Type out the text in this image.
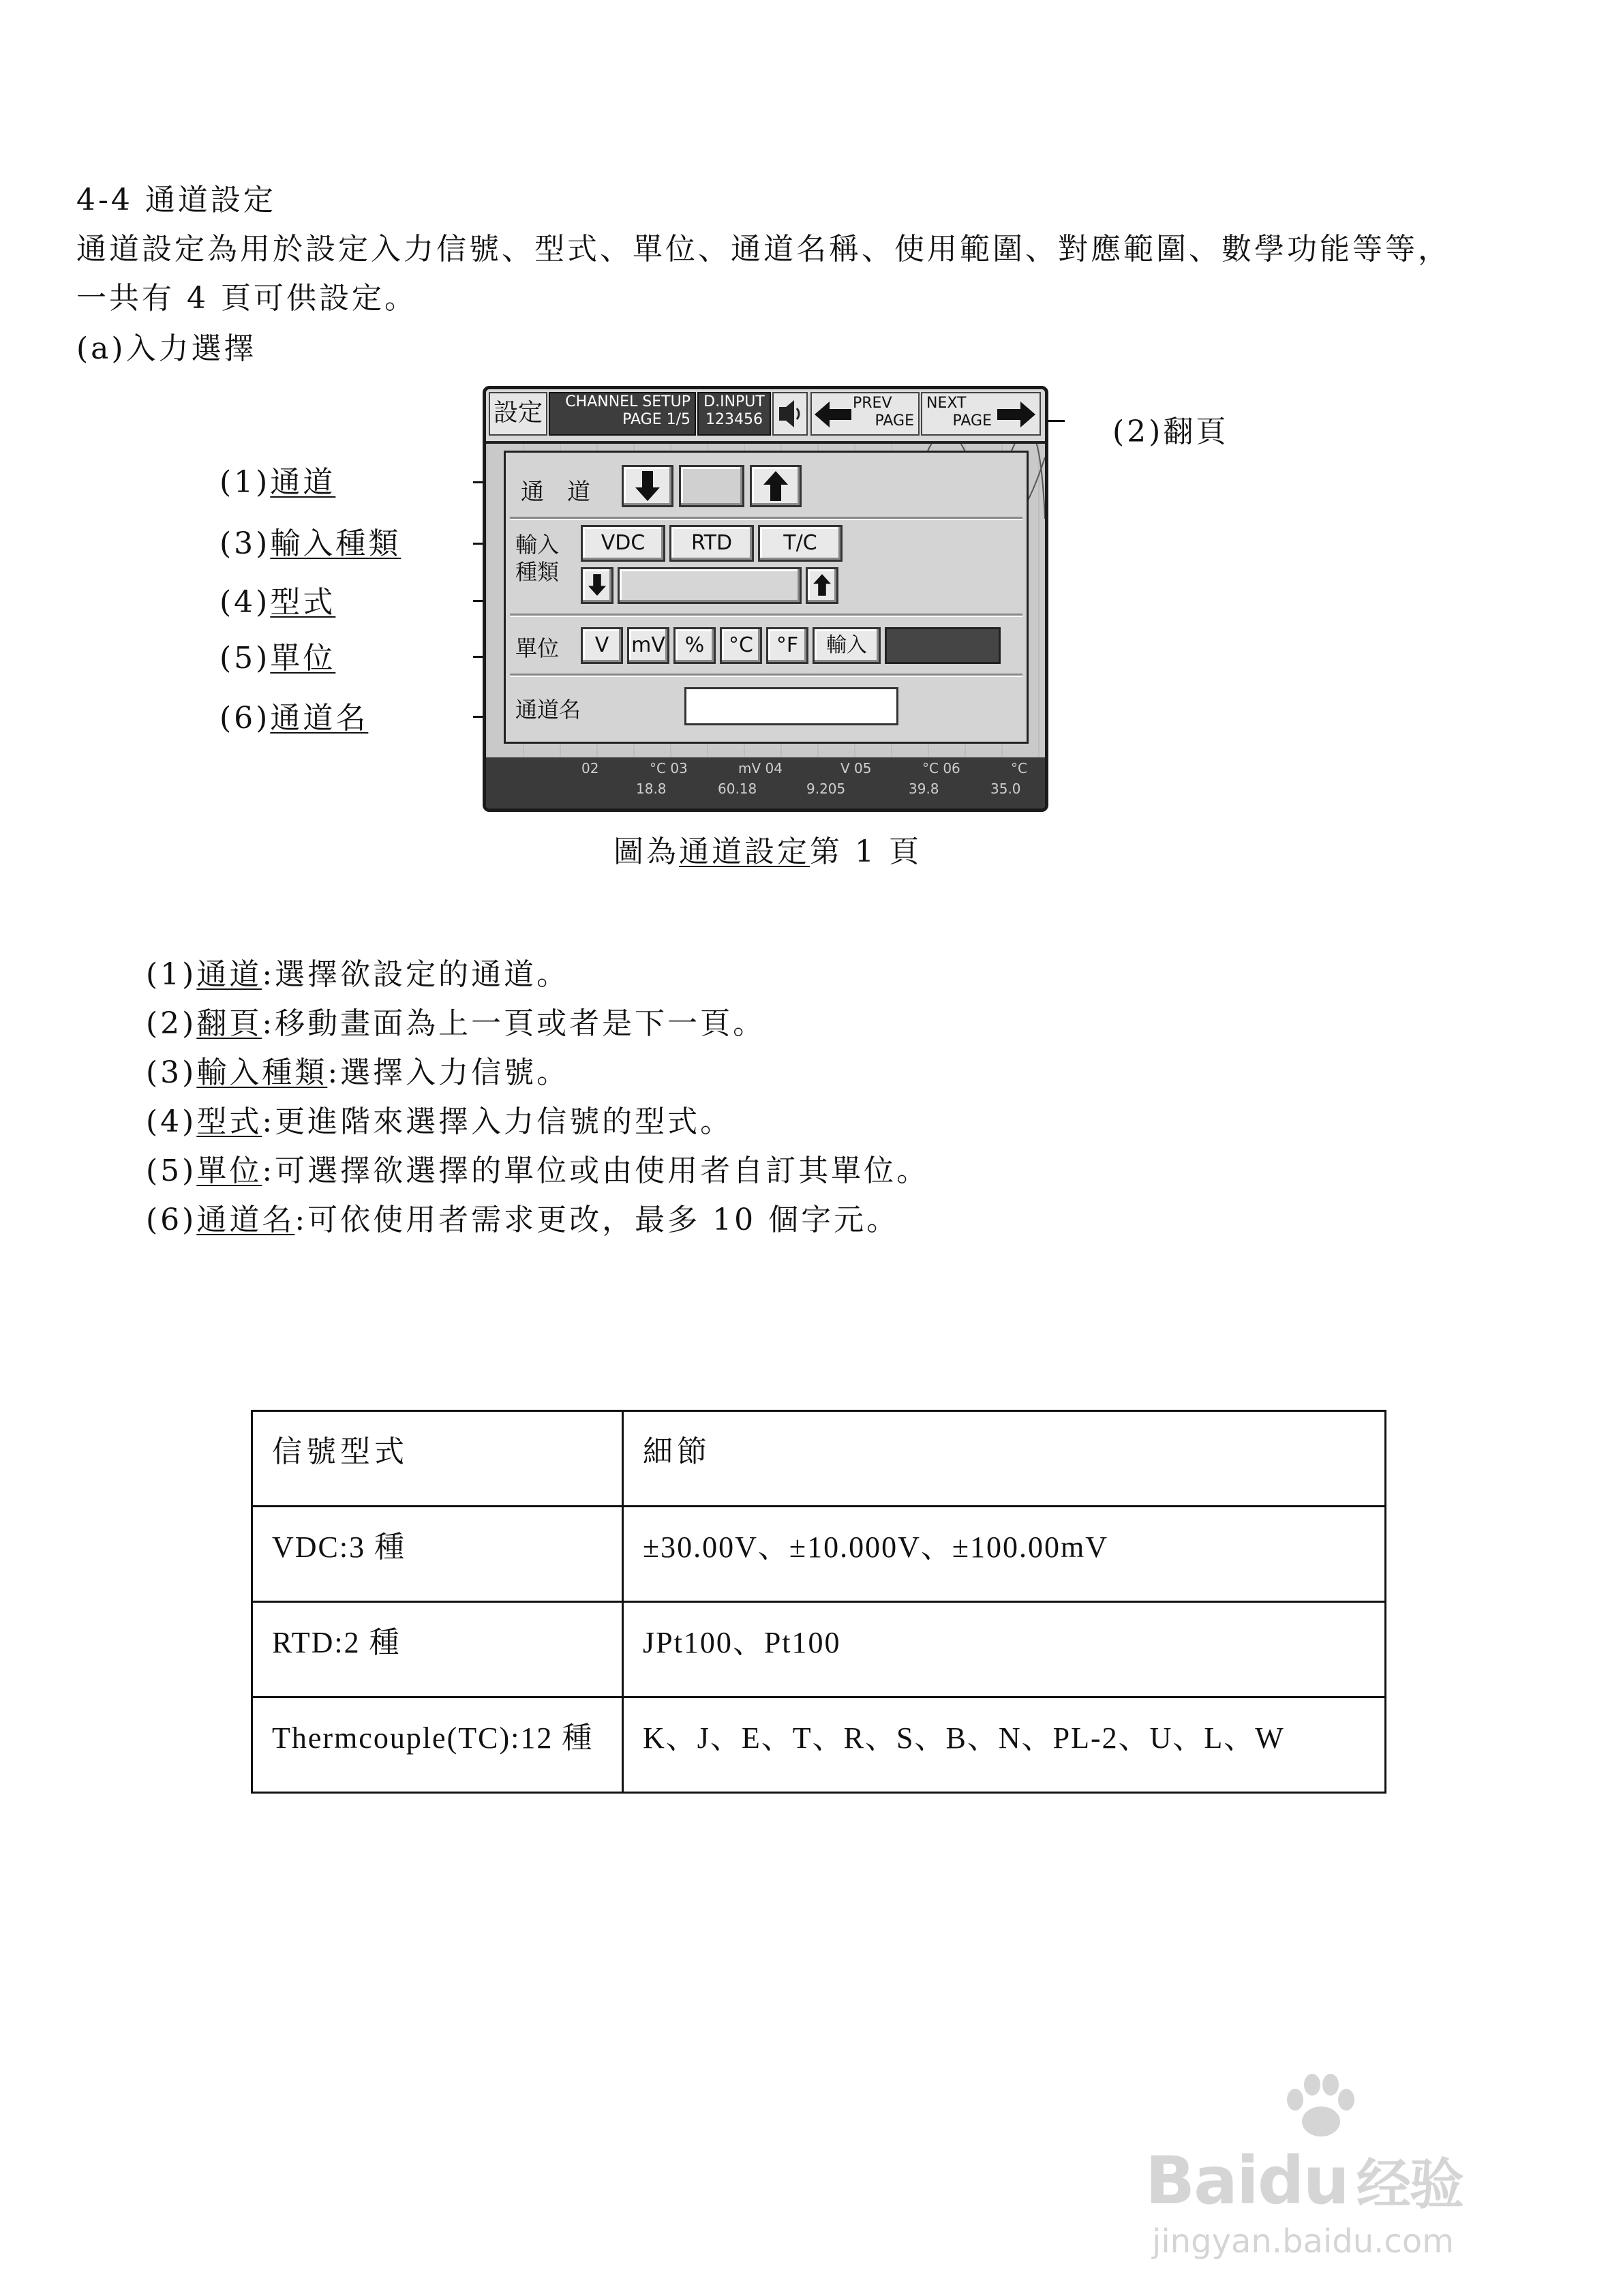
4-4 通道設定
通道設定為用於設定入力信號、型式、單位、通道名稱、使用範圍、對應範圍、數學功能等等，
一共有 4 頁可供設定。
(a)入力選擇
(1)通道
(3)輸入種類
(4)型式
(5)單位
(6)通道名
(2)翻頁
設定	CHANNEL SETUP
PAGE 1/5
D.INPUT
123456
PREV
PAGE
NEXT
PAGE
通　道
輸入
種類
VDC	RTD	T/C
單位	V	mV %	°C	°F	輸入
通道名
02	°C 03
18.8
mV 04
60.18
V 05
9.205
°C 06
39.8
°C
35.0
圖為通道設定第 1 頁
(1)通道:選擇欲設定的通道。
(2)翻頁:移動畫面為上一頁或者是下一頁。
(3)輸入種類:選擇入力信號。
(4)型式:更進階來選擇入力信號的型式。
(5)單位:可選擇欲選擇的單位或由使用者自訂其單位。
(6)通道名:可依使用者需求更改，最多 10 個字元。
信號型式	細節
VDC:3 種	±30.00V、±10.000V、±100.00mV
RTD:2 種	JPt100、Pt100
Thermcouple(TC):12 種	K、J、E、T、R、S、B、N、PL-2、U、L、W
Baidu 经验
jingyan.baidu.com
